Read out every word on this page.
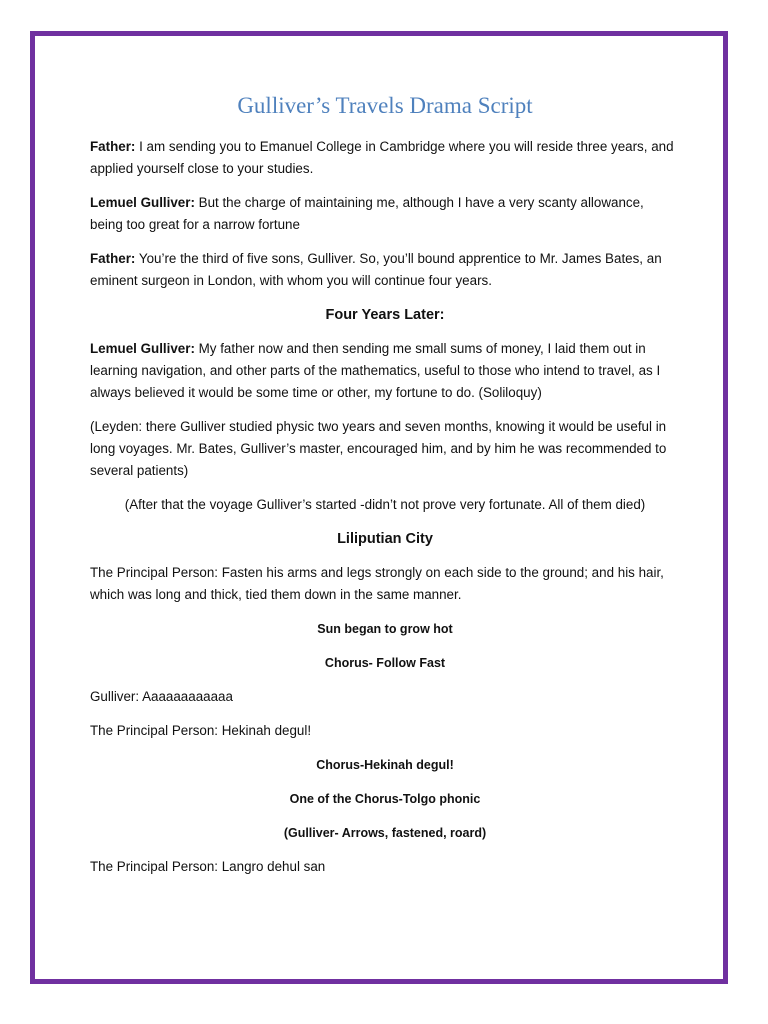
Gulliver’s Travels Drama Script

Father: I am sending you to Emanuel College in Cambridge where you will reside three years, and applied yourself close to your studies.

Lemuel Gulliver: But the charge of maintaining me, although I have a very scanty allowance, being too great for a narrow fortune

Father: You’re the third of five sons, Gulliver. So, you’ll bound apprentice to Mr. James Bates, an eminent surgeon in London, with whom you will continue four years.

Four Years Later:

Lemuel Gulliver: My father now and then sending me small sums of money, I laid them out in learning navigation, and other parts of the mathematics, useful to those who intend to travel, as I always believed it would be some time or other, my fortune to do. (Soliloquy)

(Leyden: there Gulliver studied physic two years and seven months, knowing it would be useful in long voyages. Mr. Bates, Gulliver’s master, encouraged him, and by him he was recommended to several patients)

(After that the voyage Gulliver’s started -didn’t not prove very fortunate. All of them died)

Liliputian City

The Principal Person: Fasten his arms and legs strongly on each side to the ground; and his hair, which was long and thick, tied them down in the same manner.

Sun began to grow hot

Chorus- Follow Fast

Gulliver: Aaaaaaaaaaaa

The Principal Person: Hekinah degul!

Chorus-Hekinah degul!

One of the Chorus-Tolgo phonic

(Gulliver- Arrows, fastened, roard)

The Principal Person: Langro dehul san
